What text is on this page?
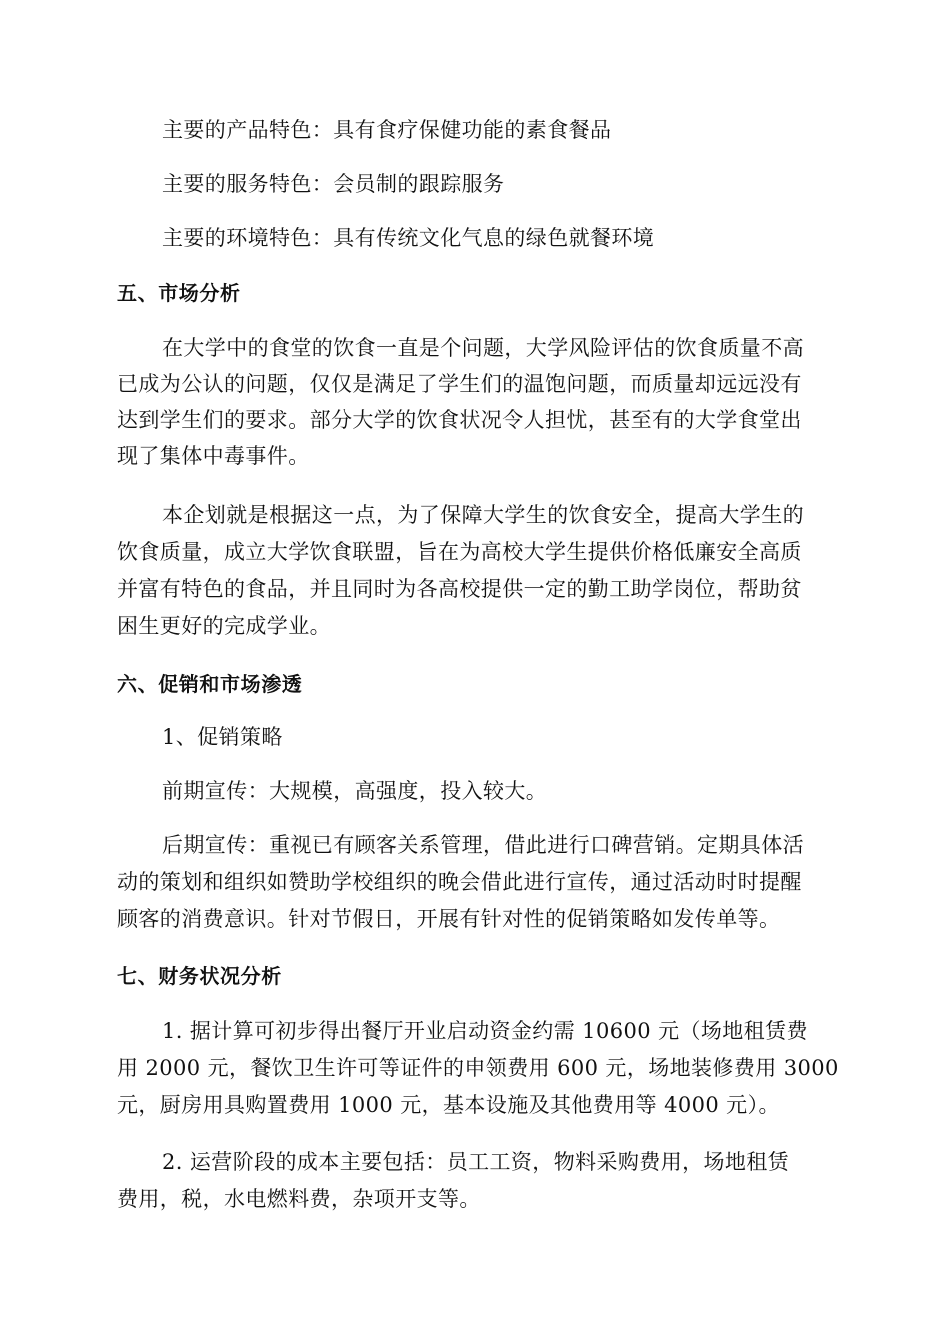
主要的产品特色：具有食疗保健功能的素食餐品
主要的服务特色：会员制的跟踪服务
主要的环境特色：具有传统文化气息的绿色就餐环境
五、市场分析
在大学中的食堂的饮食一直是个问题，大学风险评估的饮食质量不高
已成为公认的问题，仅仅是满足了学生们的温饱问题，而质量却远远没有
达到学生们的要求。部分大学的饮食状况令人担忧，甚至有的大学食堂出
现了集体中毒事件。
本企划就是根据这一点，为了保障大学生的饮食安全，提高大学生的
饮食质量，成立大学饮食联盟，旨在为高校大学生提供价格低廉安全高质
并富有特色的食品，并且同时为各高校提供一定的勤工助学岗位，帮助贫
困生更好的完成学业。
六、促销和市场渗透
1、促销策略
前期宣传：大规模，高强度，投入较大。
后期宣传：重视已有顾客关系管理，借此进行口碑营销。定期具体活
动的策划和组织如赞助学校组织的晚会借此进行宣传，通过活动时时提醒
顾客的消费意识。针对节假日，开展有针对性的促销策略如发传单等。
七、财务状况分析
1. 据计算可初步得出餐厅开业启动资金约需 10600 元（场地租赁费
用 2000 元，餐饮卫生许可等证件的申领费用 600 元，场地装修费用 3000
元，厨房用具购置费用 1000 元，基本设施及其他费用等 4000 元）。
2. 运营阶段的成本主要包括：员工工资，物料采购费用，场地租赁
费用，税，水电燃料费，杂项开支等。
